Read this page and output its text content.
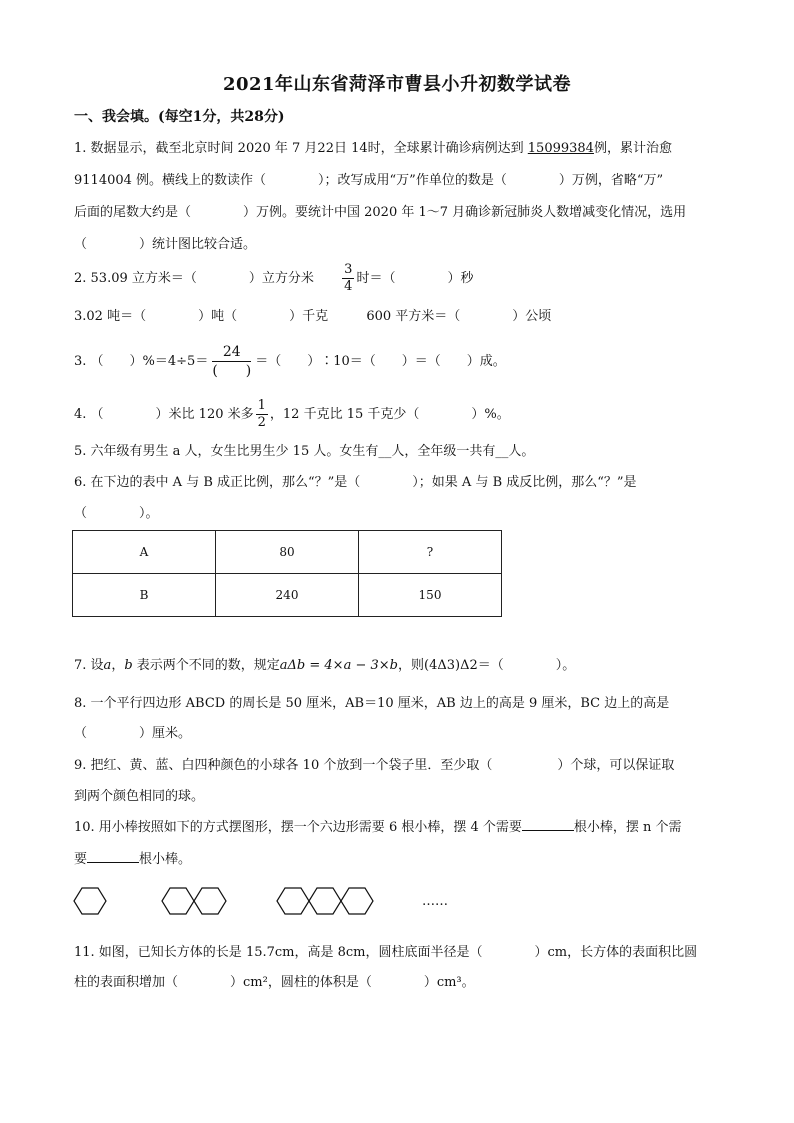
2021年山东省菏泽市曹县小升初数学试卷
一、我会填。(每空1分，共28分)
1. 数据显示，截至北京时间 2020 年 7 月22日 14时，全球累计确诊病例达到 15099384例，累计治愈
9114004 例。横线上的数读作（　　　　）；改写成用“万”作单位的数是（　　　　）万例，省略“万”
后面的尾数大约是（　　　　）万例。要统计中国 2020 年 1～7 月确诊新冠肺炎人数增减变化情况，选用
（　　　　）统计图比较合适。
2. 53.09 立方米＝（　　　　）立方分米 $\frac{3}{4}$ 时＝（　　　　）秒
3.02 吨＝（　　　　）吨（　　　　）千克	600 平方米＝（　　　　）公顷
3. （　　）$\%=4\div 5= \frac{24}{( )}$ ＝（　　）∶10＝（　　）＝（　　）成。
4. （　　　　）米比 120 米多 $\frac{1}{2}$ ，12 千克比 15 千克少（　　　　）%。
5. 六年级有男生 a 人，女生比男生少 15 人。女生有__人，全年级一共有__人。
6. 在下边的表中 A 与 B 成正比例，那么“？”是（　　　　）；如果 A 与 B 成反比例，那么“？”是
（　　　　）。
A	80	?
B	240	150
7. 设a，b 表示两个不同的数，规定aΔb = 4×a − 3×b，则(4Δ3)Δ2＝（　　　　）。
8. 一个平行四边形 ABCD 的周长是 50 厘米，AB＝10 厘米，AB 边上的高是 9 厘米，BC 边上的高是
（　　　　）厘米。
9. 把红、黄、蓝、白四种颜色的小球各 10 个放到一个袋子里．至少取（　　　　　）个球，可以保证取
到两个颜色相同的球。
10. 用小棒按照如下的方式摆图形，摆一个六边形需要 6 根小棒，摆 4 个需要	根小棒，摆 n 个需
要	根小棒。
……
11. 如图，已知长方体的长是 15.7cm，高是 8cm，圆柱底面半径是（　　　　）cm，长方体的表面积比圆
柱的表面积增加（　　　　）cm²，圆柱的体积是（　　　　）cm³。
